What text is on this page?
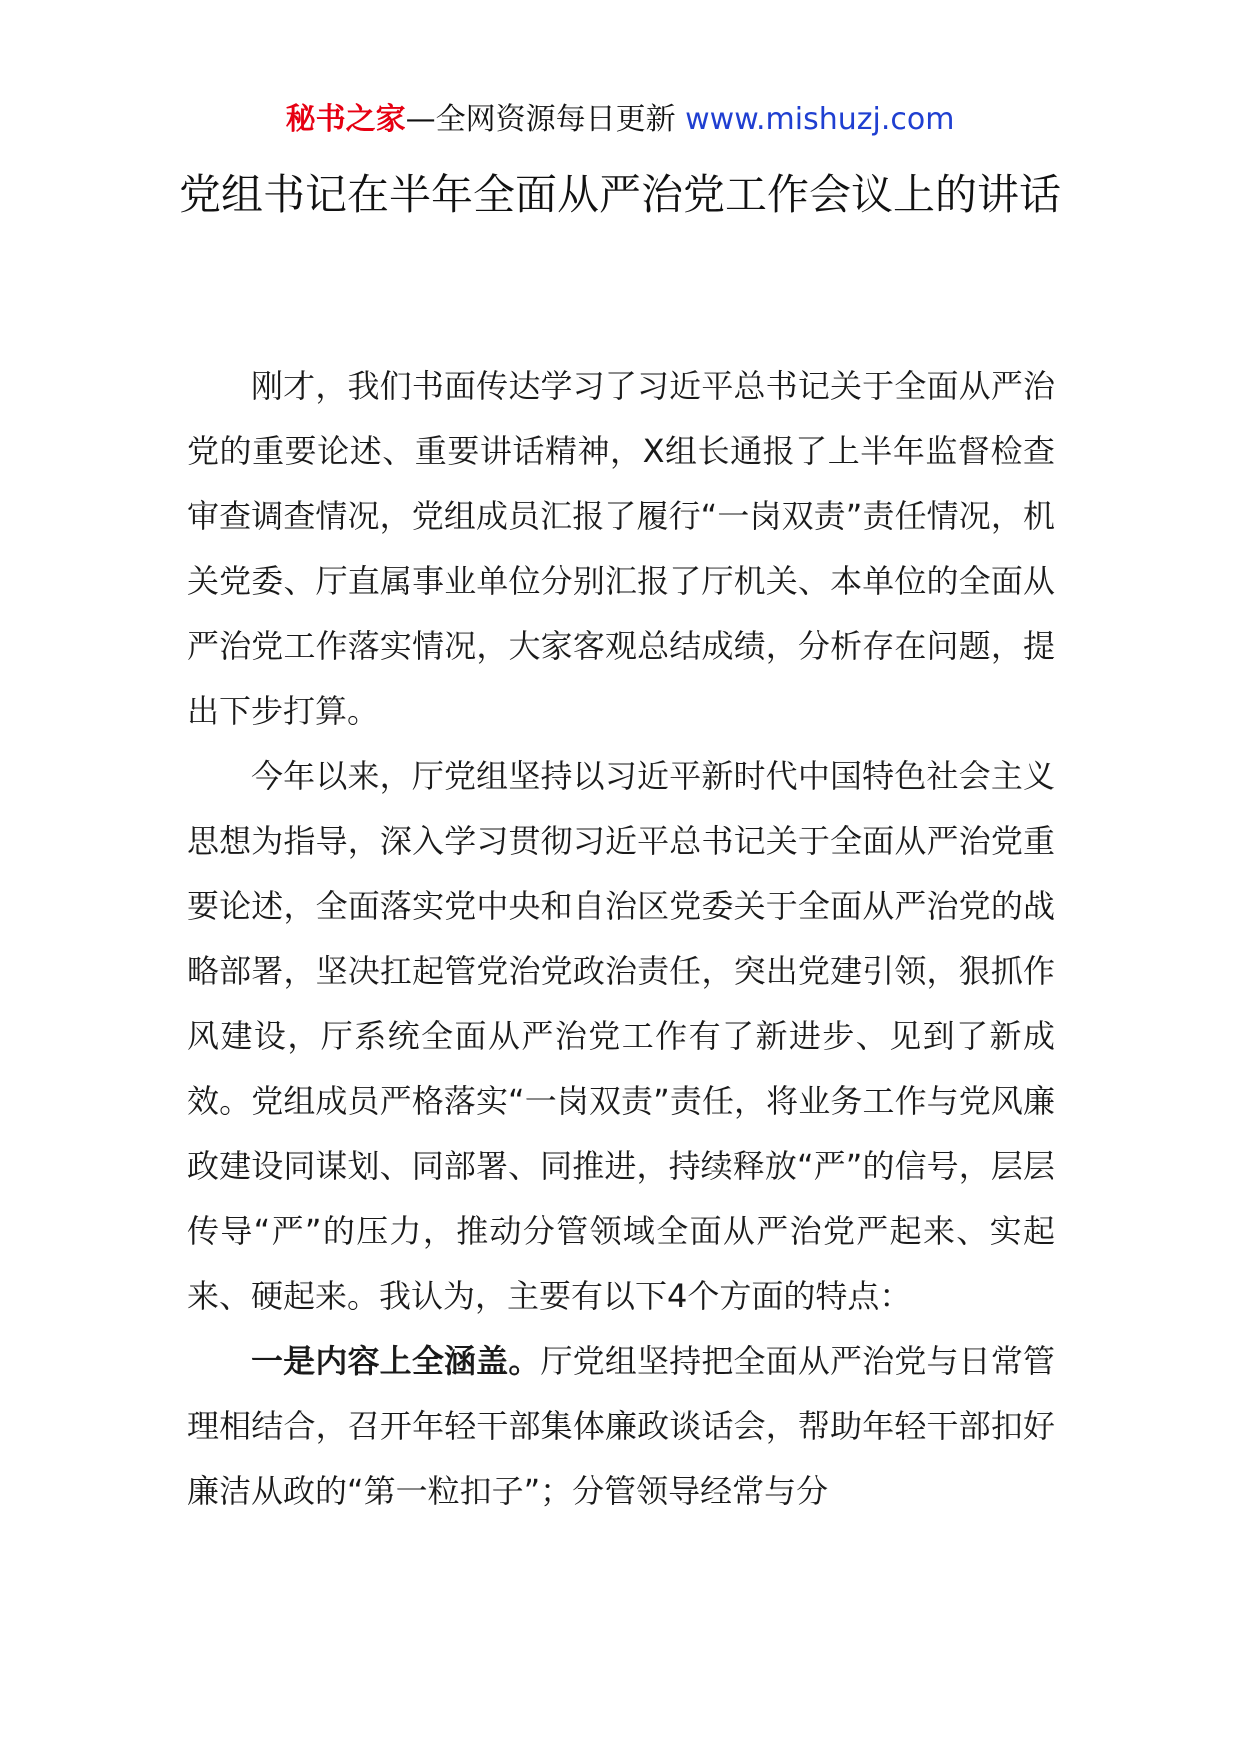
秘书之家—全网资源每日更新 www.mishuzj.com
党组书记在半年全面从严治党工作会议上的讲话

刚才，我们书面传达学习了习近平总书记关于全面从严治党的重要论述、重要讲话精神，X组长通报了上半年监督检查审查调查情况，党组成员汇报了履行“一岗双责”责任情况，机关党委、厅直属事业单位分别汇报了厅机关、本单位的全面从严治党工作落实情况，大家客观总结成绩，分析存在问题，提出下步打算。

今年以来，厅党组坚持以习近平新时代中国特色社会主义思想为指导，深入学习贯彻习近平总书记关于全面从严治党重要论述，全面落实党中央和自治区党委关于全面从严治党的战略部署，坚决扛起管党治党政治责任，突出党建引领，狠抓作风建设，厅系统全面从严治党工作有了新进步、见到了新成效。党组成员严格落实“一岗双责”责任，将业务工作与党风廉政建设同谋划、同部署、同推进，持续释放“严”的信号，层层传导“严”的压力，推动分管领域全面从严治党严起来、实起来、硬起来。我认为，主要有以下4个方面的特点：

一是内容上全涵盖。厅党组坚持把全面从严治党与日常管理相结合，召开年轻干部集体廉政谈话会，帮助年轻干部扣好廉洁从政的“第一粒扣子”；分管领导经常与分
